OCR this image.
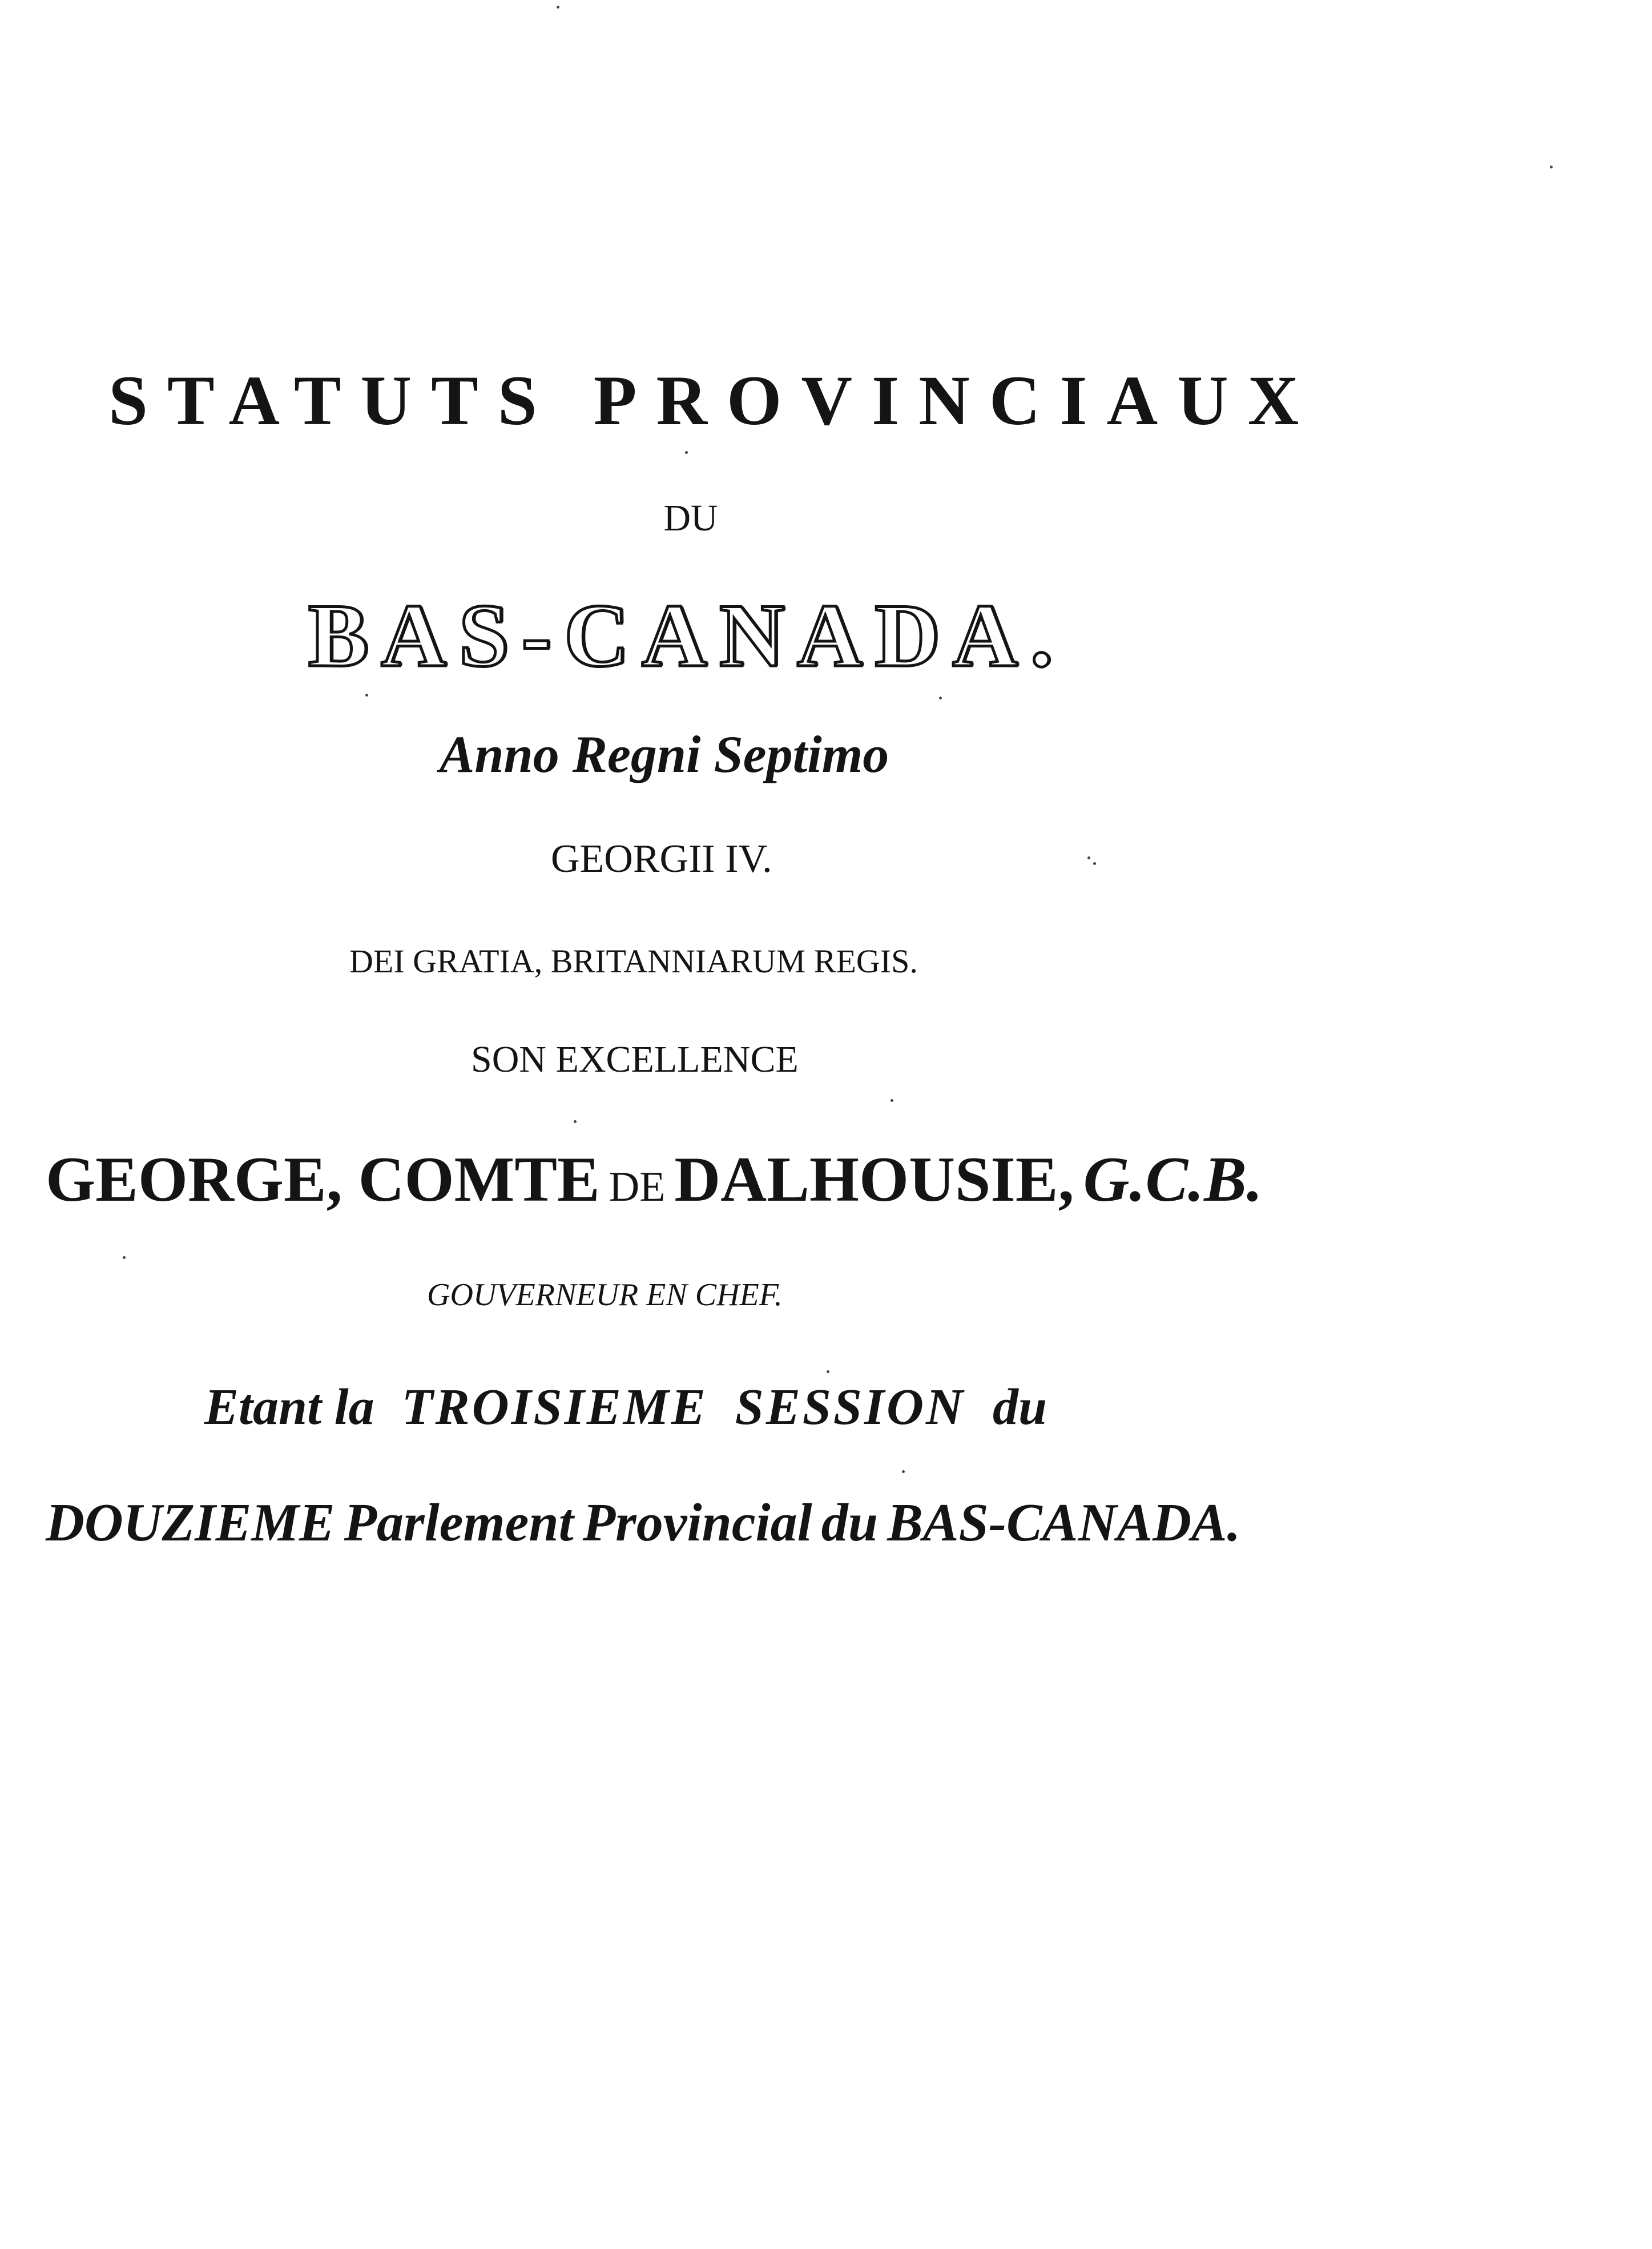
STATUTS PROVINCIAUX
DU
BAS-CANADA.
Anno Regni Septimo
GEORGII IV.
DEI GRATIA, BRITANNIARUM REGIS.
SON EXCELLENCE
GEORGE, COMTE DE DALHOUSIE, G.C.B.
GOUVERNEUR EN CHEF.
Etant la TROISIEME SESSION du
DOUZIEME Parlement Provincial du BAS-CANADA.
